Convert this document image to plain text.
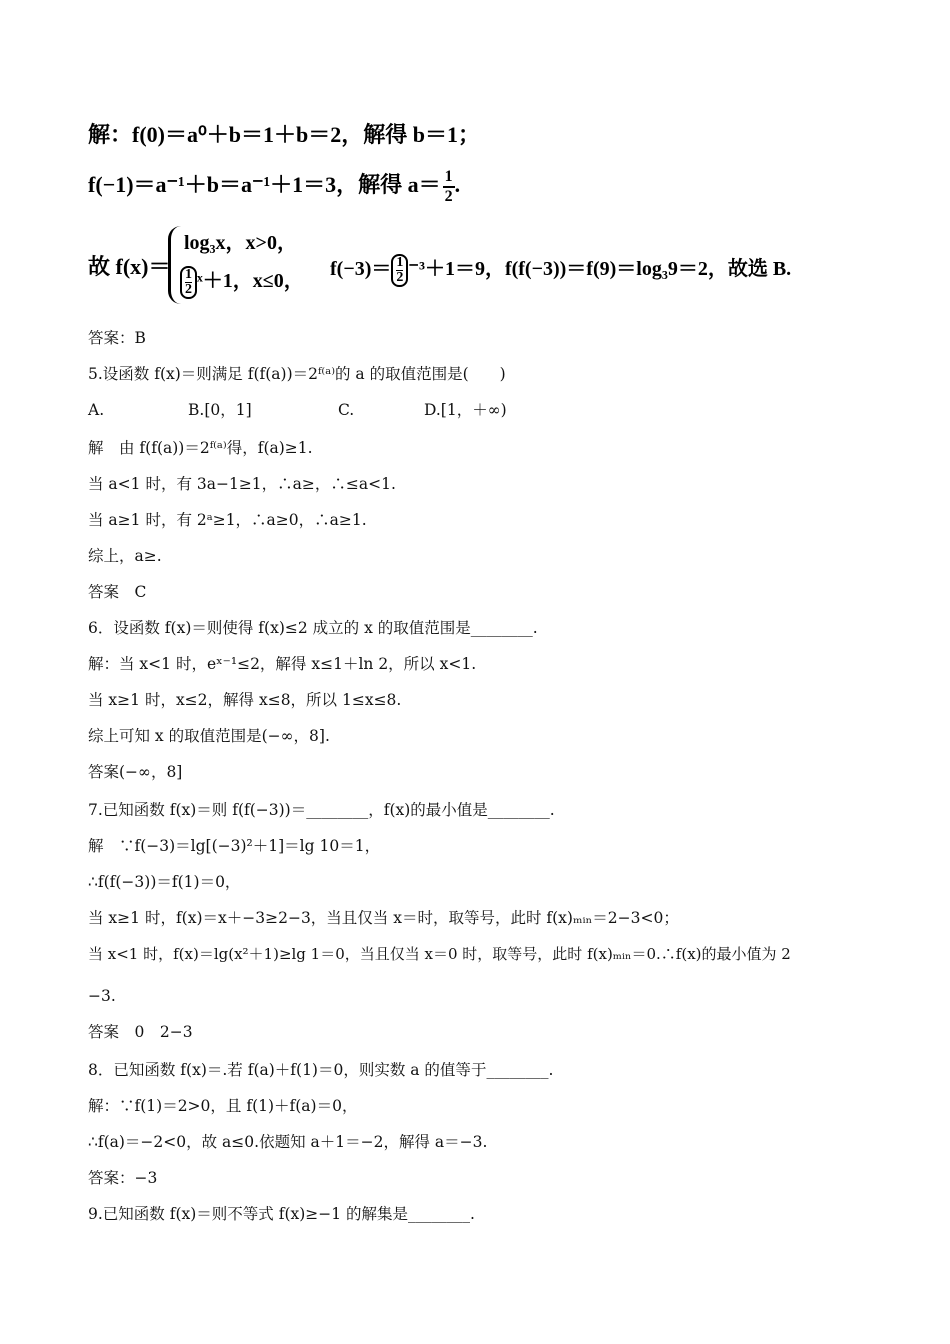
解：f(0)＝a⁰＋b＝1＋b＝2，解得 b＝1；
f(−1)＝a⁻¹＋b＝a⁻¹＋1＝3，解得 $a= \frac{1}{2}$ .
故 f(x)＝
log₃x，x>0，
$\frac{1}{2}$ ˣ＋1，x≤0，
$f(-3)= \frac{1}{2} ^{-3}+1=9$，f(f(−3))＝f(9)＝log₃9＝2，故选 B.
答案：B
5.设函数 f(x)＝则满足 f(f(a))＝2ᶠ⁽ᵃ⁾的 a 的取值范围是(　　)
A.	B.[0，1]	C.	D.[1，＋∞)
解　由 f(f(a))＝2ᶠ⁽ᵃ⁾得，f(a)≥1.
当 a<1 时，有 3a−1≥1，∴a≥，∴≤a<1.
当 a≥1 时，有 2ᵃ≥1，∴a≥0，∴a≥1.
综上，a≥.
答案　C
6．设函数 f(x)＝则使得 f(x)≤2 成立的 x 的取值范围是________.
解：当 x<1 时，eˣ⁻¹≤2，解得 x≤1＋ln 2，所以 x<1.
当 x≥1 时，x≤2，解得 x≤8，所以 1≤x≤8.
综上可知 x 的取值范围是(−∞，8].
答案(−∞，8]
7.已知函数 f(x)＝则 f(f(−3))＝________，f(x)的最小值是________.
解　∵f(−3)＝lg[(−3)²＋1]＝lg 10＝1，
∴f(f(−3))＝f(1)＝0，
当 x≥1 时，f(x)＝x＋−3≥2−3，当且仅当 x＝时，取等号，此时 f(x)ₘᵢₙ＝2−3<0；
当 x<1 时，f(x)＝lg(x²＋1)≥lg 1＝0，当且仅当 x＝0 时，取等号，此时 f(x)ₘᵢₙ＝0.∴f(x)的最小值为 2
−3.
答案　0　2−3
8．已知函数 f(x)＝.若 f(a)＋f(1)＝0，则实数 a 的值等于________.
解：∵f(1)＝2>0，且 f(1)＋f(a)＝0，
∴f(a)＝−2<0，故 a≤0.依题知 a＋1＝−2，解得 a＝−3.
答案：−3
9.已知函数 f(x)＝则不等式 f(x)≥−1 的解集是________.
